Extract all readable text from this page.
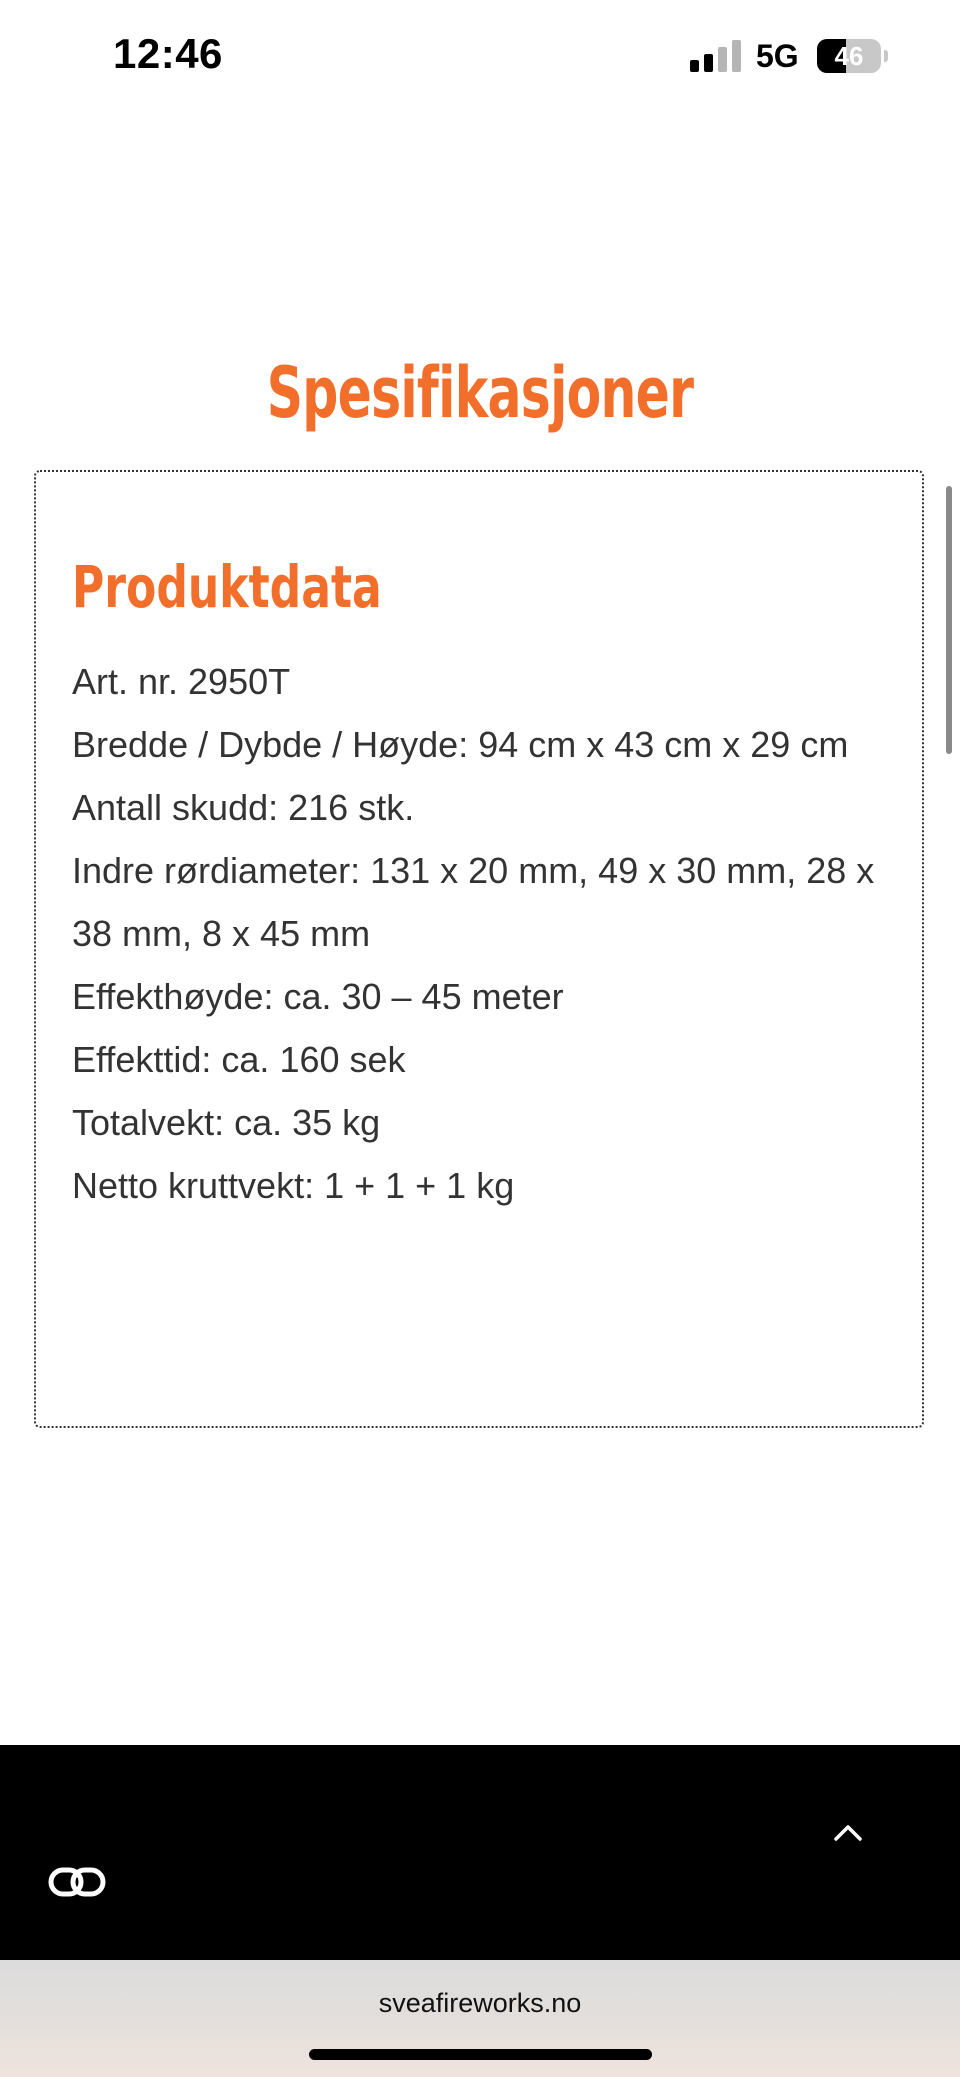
12:46	5G	46
Spesifikasjoner
Produktdata
Art. nr. 2950T
Bredde / Dybde / Høyde: 94 cm x 43 cm x 29 cm
Antall skudd: 216 stk.
Indre rørdiameter: 131 x 20 mm, 49 x 30 mm, 28 x 38 mm, 8 x 45 mm
Effekthøyde: ca. 30 – 45 meter
Effekttid: ca. 160 sek
Totalvekt: ca. 35 kg
Netto kruttvekt: 1 + 1 + 1 kg
sveafireworks.no
